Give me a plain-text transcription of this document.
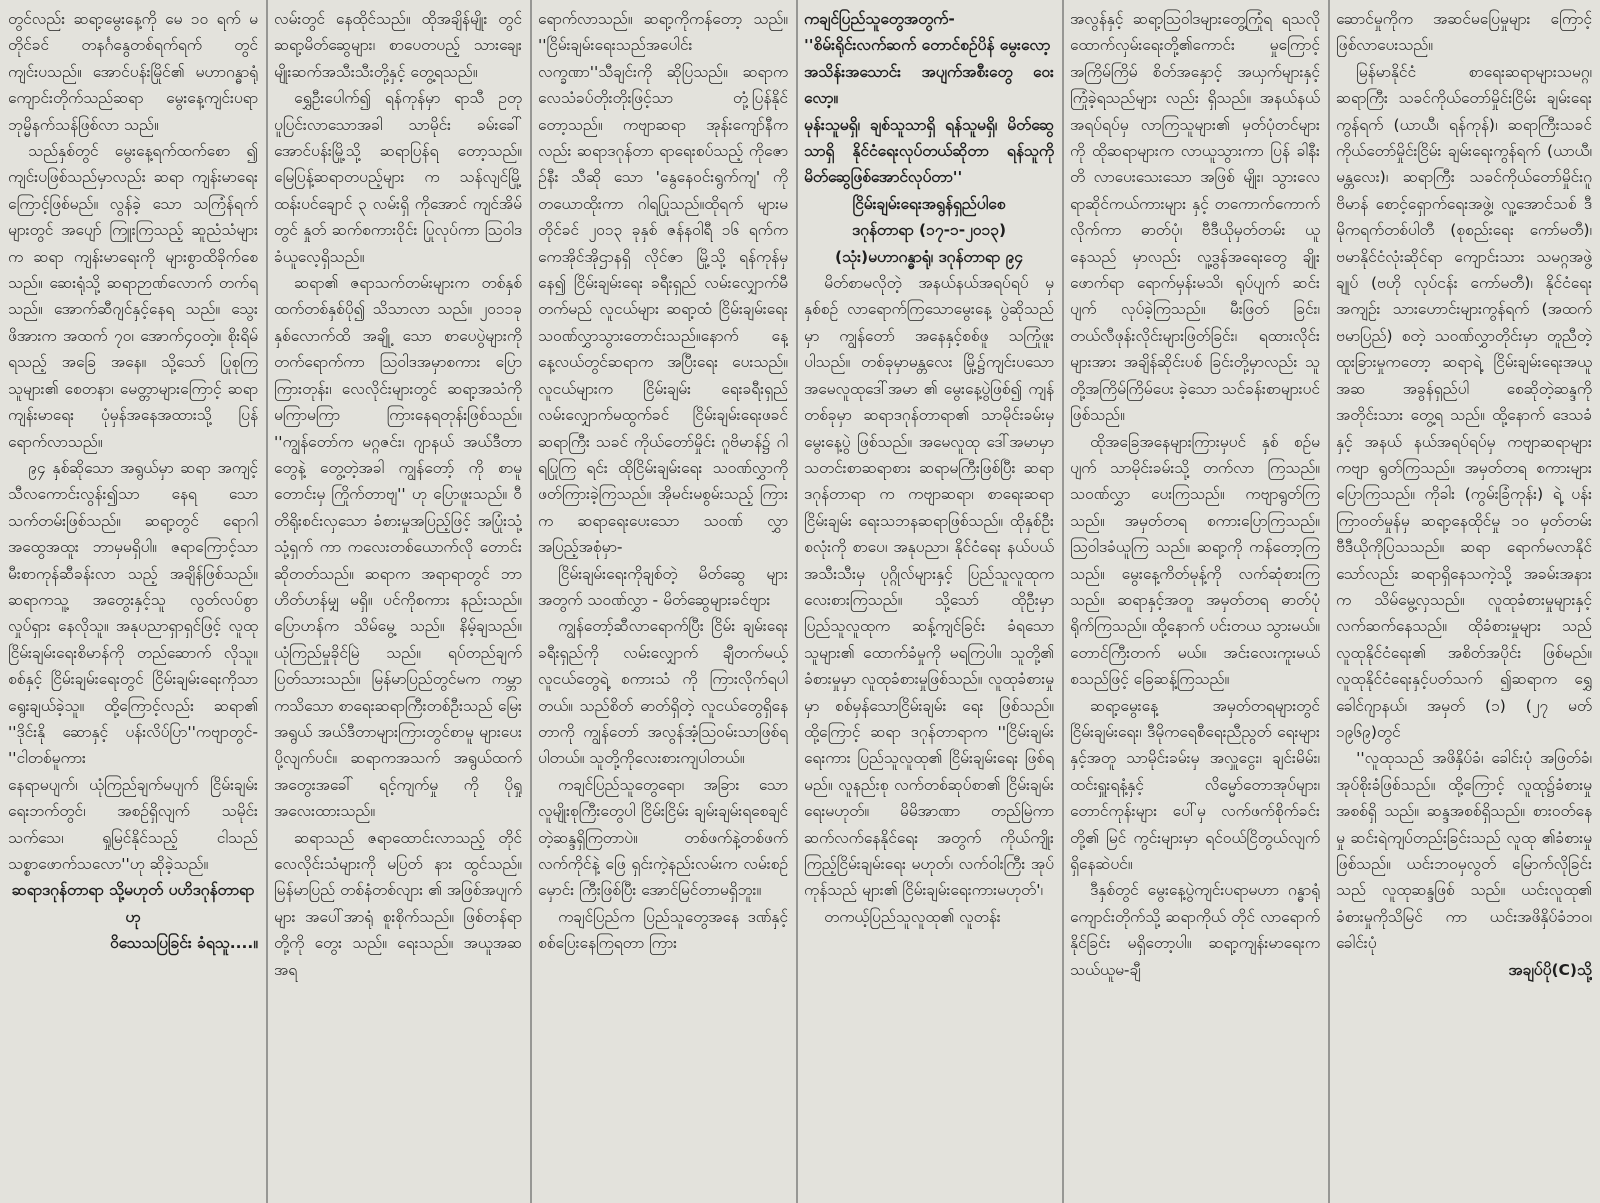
တွင်လည်း ဆရာ့မွေးနေ့ကို မေ ၁၀ ရက် မတိုင်ခင် တနင်္ဂနွေတစ်ရက်ရက် တွင် ကျင်းပသည်။ အောင်ပန်းမြိုင်၏ မဟာဂန္ဓာရုံကျောင်းတိုက်သည်ဆရာ မွေးနေ့ကျင်းပရာ ဘုမ္မိနက်သန်ဖြစ်လာ သည်။

သည်နှစ်တွင် မွေးနေ့ရက်ထက်စော ၍ ကျင်းပဖြစ်သည်မှာလည်း ဆရာ ကျန်းမာရေးကြောင့်ဖြစ်မည်။ လွန်ခဲ့ သော သကြံန်ရက်များတွင် အပျော် ကြူးကြသည့် ဆူညံသံများက ဆရာ ကျန်းမာရေးကို များစွာထိခိုက်စေ သည်။ ဆေးရုံသို့ ဆရာဉာဏ်လောက် တက်ရသည်။ အောက်ဆီဂျင်နှင့်နေရ သည်။ သွေးဖိအားက အထက် ၇၀၊ အောက်၄၀တဲ့။ စိုးရိမ်ရသည့် အခြေ အနေ။ သို့သော် ပြုစုကြသူများ၏ စေတနာ၊ မေတ္တာများကြောင့် ဆရာ ကျန်းမာရေး ပုံမှန်အနေအထားသို့ ပြန်ရောက်လာသည်။

၉၄ နှစ်ဆိုသော အရွယ်မှာ ဆရာ အကျင့်သီလကောင်းလွန်း၍သာ နေရ သောသက်တမ်းဖြစ်သည်။ ဆရာ့တွင် ရောဂါ အထွေအထူး ဘာမှမရှိပါ။ ဇရာကြောင့်သာ မီးစာကုန်ဆီခန်းလာ သည့် အချိန်ဖြစ်သည်။ ဆရာကသူ့ အတွေးနှင့်သူ လွတ်လပ်စွာ လှုပ်ရှား နေလိုသူ။ အနုပညာရှာရှင်ဖြင့် လူထု ငြိမ်းချမ်းရေးစိမာန်ကို တည်ဆောက် လိုသူ။ စစ်နှင့် ငြိမ်းချမ်းရေးတွင် ငြိမ်းချမ်းရေးကိုသာ ရွေးချယ်ခဲ့သူ။ ထို့ကြောင့်လည်း ဆရာ၏ ''ဒိုင်းနို ဆောနှင့် ပန်းလိပ်ပြာ''ကဗျာတွင်- ''ငါတစ်မူကား

နေရာမပျက်၊ ယုံကြည်ချက်မပျက် ငြိမ်းချမ်းရေးဘက်တွင်၊ အစဉ်ရှိလျက် သမိုင်းသက်သေ၊ ရှုမြင်နိုင်သည့် ငါသည် သစ္စာဖောက်သလော''ဟု ဆိုခဲ့သည်။

ဆရာဒဂုန်တာရာ သို့မဟုတ် ပဟိဒဂုန်တာရာဟု

ဝိသေသပြခြင်း ခံရသူ....။

လမ်းတွင် နေထိုင်သည်။ ထိုအချိန်မျိုး တွင် ဆရာ့မိတ်ဆွေများ၊ စာပေတပည့် သားချေး မျိုးဆက်အသီးသီးတို့နှင့် တွေ့ရသည်။

ရွှေဦးပေါက်၍ ရန်ကုန်မှာ ရာသီ ဥတု ပူပြင်းလာသောအခါ သာမိုင်း ခမ်းခေါ် အောင်ပန်းမြို့သို့ ဆရာပြန်ရ တော့သည်။ မြေပြန့်ဆရာတပည့်များ က သန်လျင်မြို့ ထန်းပင်ချောင် ၃ လမ်းရှိ ကိုအောင် ကျင်အိမ်တွင် နှုတ် ဆက်စကားဝိုင်း ပြုလုပ်ကာ ဩဝါဒ ခံယူလေ့ရှိသည်။

ဆရာ၏ ဇရာသက်တမ်းများက တစ်နှစ်ထက်တစ်နှစ်ပို၍ သိသာလာ သည်။ ၂၀၁၁ခုနှစ်လောက်ထိ အချို့ သော စာပေပွဲများကို တက်ရောက်ကာ ဩဝါဒအမှာစကား ပြောကြားတုန်း၊ လေလိုင်းများတွင် ဆရာ့အသံကို မကြာမကြာ ကြားနေရတုန်းဖြစ်သည်။ ''ကျွန်တော်က မဂ္ဂဇင်း၊ ဂျာနယ် အယ်ဒီတာတွေနဲ့ တွေ့တဲ့အခါ ကျွန်တော့် ကို စာမူတောင်းမှ ကြိုက်တာဗျ'' ဟု ပြောဖူးသည်။ ဝီတိရိုးစင်းလှသော ခံစားမှုအပြည့်ဖြင့် အပြုံးသုံ့သုံ့ရှက် ကာ ကလေးတစ်ယောက်လို တောင်း ဆိုတတ်သည်။ ဆရာက အရာရာတွင် ဘာဟိတ်ဟန်မျှ မရှိ။ ပင်ကိုစကား နည်းသည်။ ပြောဟန်က သိမ်မွေ့ သည်။ နိမ့်ချသည်။ ယုံကြည်မှုခိုင်မြဲ သည်။ ရပ်တည်ချက် ပြတ်သားသည်။ မြန်မာပြည်တွင်မက ကမ္ဘာကသိသော စာရေးဆရာကြီးတစ်ဦးသည် မြေး အရွယ် အယ်ဒီတာများကြားတွင်စာမူ များပေးပို့လျက်ပင်။ ဆရာကအသက် အရွယ်ထက် အတွေးအခေါ် ရင့်ကျက်မှု ကို ပိုရှုအလေးထားသည်။

ဆရာသည် ဇရာထောင်းလာသည့် တိုင် လေလိုင်းသံများကို မပြတ် နား ထွင်သည်။ မြန်မာပြည် တစ်နံတစ်လျား ၏ အဖြစ်အပျက်များ အပေါ်အာရုံ စူးစိုက်သည်။ ဖြစ်တန်ရာတို့ကို တွေး သည်။ ရေးသည်။ အယူအဆအရ

ရောက်လာသည်။ ဆရာ့ကိုကန်တော့ သည်။ ''ငြိမ်းချမ်းရေးသည်အပေါင်း လက္ခဏာ''သီချင်းကို ဆိုပြသည်။ ဆရာက လေသံခပ်တိုးတိုးဖြင့်သာ တုံ့ပြန်နိုင်တော့သည်။ ကဗျာဆရာ အုန်းကျော်နီကလည်း ဆရာဒဂုန်တာ ရာရေးစပ်သည့် ကိုဇောဉ်နီး သီဆို သော 'နွေနေဝင်းရွက်ကျ' ကို တယောထိုးကာ ဂါရပြုသည်။ထိုရက် များမတိုင်ခင် ၂၀၁၃ ခုနှစ် ဇန်နဝါရီ ၁၆ ရက်က ကေအိုင်အိုဌာနရှိ လိုင်ဇာ မြို့သို့ ရန်ကုန်မှနေ၍ ငြိမ်းချမ်းရေး ခရီးရှည် လမ်းလျှောက်မီတက်မည် လူငယ်များ ဆရာ့ထံ ငြိမ်းချမ်းရေး သဝဏ်လွှာသွားတောင်းသည်။နောက် နေ့ နေ့လယ်တွင်ဆရာက အပြီးရေး ပေးသည်။ လူငယ်များက ငြိမ်းချမ်း ရေးခရီးရှည် လမ်းလျှောက်မထွက်ခင် ငြိမ်းချမ်းရေးဖခင်ဆရာကြီး သခင် ကိုယ်တော်မှိုင်း ဂူဗိမာန်၌ ဂါရပြုကြ ရင်း ထိုငြိမ်းချမ်းရေး သဝဏ်လွှာကို ဖတ်ကြားခဲ့ကြသည်။ အိုမင်းမစွမ်းသည့် ကြားက ဆရာရေးပေးသော သဝဏ် လွှာအပြည့်အစုံမှာ-

ငြိမ်းချမ်းရေးကိုချစ်တဲ့ မိတ်ဆွေ များအတွက် သဝဏ်လွှာ - မိတ်ဆွေများခင်ဗျား

ကျွန်တော့်ဆီလာရောက်ပြီး ငြိမ်း ချမ်းရေးခရီးရှည်ကို လမ်းလျှောက် ချီတက်မယ့် လူငယ်တွေရဲ့ စကားသံ ကို ကြားလိုက်ရပါတယ်။ သည်စိတ် ဓာတ်ရှိတဲ့ လူငယ်တွေရှိနေတာကို ကျွန်တော် အလွန်အံ့သြဝမ်းသာဖြစ်ရ ပါတယ်။ သူတို့ကိုလေးစားကျပါတယ်။

ကချင်ပြည်သူတွေရော၊ အခြား သော လူမျိုးစုကြီးတွေပါ ငြိမ်းငြိမ်း ချမ်းချမ်းရစေချင်တဲ့ဆန္ဒရှိကြတာပဲ။ တစ်ဖက်နဲ့တစ်ဖက် လက်ကိုင်နဲ့ ဖြေ ရှင်းကဲ့နည်းလမ်းက လမ်းစဉ်မှောင်း ကြီးဖြစ်ပြီး အောင်မြင်တာမရှိဘူး။

ကချင်ပြည်က ပြည်သူတွေအနေ ဒဏ်နှင့် စစ်ပြေးနေကြရတာ ကြား

ကချင်ပြည်သူတွေအတွက်-

''စိမ်းရိုင်းလက်ဆက် တောင်စဉ်ပိန် မွေးလော့

အသိန်းအသောင်း အပျက်အစီးတွေ ဝေးလော့။

မုန်းသူမရှိ၊ ချစ်သူသာရှိ ရန်သူမရှိ၊ မိတ်ဆွေသာရှိ နိုင်ငံရေးလုပ်တယ်ဆိုတာ ရန်သူကိုမိတ်ဆွေဖြစ်အောင်လုပ်တာ''

ငြိမ်းချမ်းရေးအရွန်ရှည်ပါစေ

ဒဂုန်တာရာ (၁၇-၁-၂၀၁၃)

(သုံး)မဟာဂန္ဓာရုံ၊ ဒဂုန်တာရာ ၉၄

မိတ်စာမလိုတဲ့ အနယ်နယ်အရပ်ရပ် မှ နှစ်စဉ် လာရောက်ကြသောမွေးနေ့ ပွဲဆိုသည်မှာ ကျွန်တော် အနေနှင့်စစ်ဖူ သကြုံဖူးပါသည်။ တစ်ခုမှာမန္တလေး မြို့၌ကျင်းပသော အမေလူထုဒေါ်အမာ ၏ မွေးနေ့ပွဲဖြစ်၍ ကျန်တစ်ခုမှာ ဆရာဒဂုန်တာရာ၏ သာမိုင်းခမ်းမှ မွေးနေ့ပွဲ ဖြစ်သည်။ အမေလူထု ဒေါ်အမာမှာ သတင်းစာဆရာစား ဆရာမကြီးဖြစ်ပြီး ဆရာဒဂုန်တာရာ က ကဗျာဆရာ၊ စာရေးဆရာငြိမ်းချမ်း ရေးသဘနဆရာဖြစ်သည်။ ထိုနှစ်ဦး စလုံးကို စာပေ၊ အနုပညာ၊ နိုင်ငံရေး နယ်ပယ်အသီးသီးမှ ပုဂ္ဂိုလ်များနှင့် ပြည်သူလူထုက လေးစားကြသည်။ သို့သော် ထိုဦးမှာ ပြည်သူလူထုက ဆန့်ကျင်ခြင်း ခံရသောသူများ၏ ထောက်ခံမှုကို မရကြပါ။ သူတို့၏ ခံစားမှုမှာ လူထုခံစားမှုဖြစ်သည်။ လူထုခံစားမှုမှာ စစ်မှန်သောငြိမ်းချမ်း ရေး ဖြစ်သည်။ ထို့ကြောင့် ဆရာ ဒဂုန်တာရာက ''ငြိမ်းချမ်းရေးကား ပြည်သူလူထု၏ ငြိမ်းချမ်းရေး ဖြစ်ရ မည်။ လူနည်းစု လက်တစ်ဆုပ်စာ၏ ငြိမ်းချမ်းရေးမဟုတ်။ မိမိအာဏာ တည်မြဲကာ ဆက်လက်နေနိုင်ရေး အတွက် ကိုယ်ကျိုးကြည့်ငြိမ်းချမ်းရေး မဟုတ်၊ လက်ဝါးကြီး အုပ်ကုန်သည် များ၏ ငြိမ်းချမ်းရေးကားမဟုတ်'၊

တကယ့်ပြည်သူလူထု၏ လူတန်း

အလွန်နှင့် ဆရာ့ဩဝါဒများတွေ့ကြုံရ ရသလို ထောက်လှမ်းရေးတို့၏ကောင်း မှုကြောင့်အကြိမ်ကြိမ် စိတ်အနှောင့် အယှက်များနှင့် ကြုံခဲ့ရသည်များ လည်း ရှိသည်။ အနယ်နယ်အရပ်ရပ်မှ လာကြသူများ၏ မှတ်ပုံတင်များကို ထိုဆရာများက လာယူသွားကာ ပြန် ခါနီးတိ လာပေးသေးသော အဖြစ် မျိုး၊ သွားလေရာဆိုင်ကယ်ကားများ နှင့် တကောက်ကောက်လိုက်ကာ ဓာတ်ပုံ၊ ဗီဒီယိုမှတ်တမ်း ယူနေသည် မှာလည်း လူ့ဒွန်အရေးတွေ ချိုး ဖောက်ရာ ရောက်မှန်းမသိ၊ ရုပ်ပျက် ဆင်းပျက် လုပ်ခဲ့ကြသည်။ မီးဖြတ် ခြင်း၊ တယ်လီဖုန်းလိုင်းများဖြတ်ခြင်း၊ ရထားလိုင်းများအား အချိန်ဆိုင်းပစ် ခြင်းတို့မှာလည်း သူတို့အကြိမ်ကြိမ်ပေး ခဲ့သော သင်ခန်းစာများပင်ဖြစ်သည်။

ထိုအခြေအနေများကြားမှပင် နှစ် စဉ်မပျက် သာမိုင်းခမ်းသို့ တက်လာ ကြသည်။ သဝဏ်လွှာ ပေးကြသည်။ ကဗျာရွတ်ကြသည်။ အမှတ်တရ စကားပြောကြသည်။ ဩဝါဒခံယူကြ သည်။ ဆရာ့ကို ကန်တော့ကြသည်။ မွေးနေ့ကိတ်မုန့်ကို လက်ဆုံစားကြ သည်။ ဆရာနှင့်အတူ အမှတ်တရ ဓာတ်ပုံ ရိုက်ကြသည်။ ထို့နောက် ပင်းတယ သွားမယ်။ တောင်ကြီးတက် မယ်။ အင်းလေးကူးမယ် စသည်ဖြင့် ခြေဆန့်ကြသည်။

ဆရာ့မွေးနေ့ အမှတ်တရများတွင် ငြိမ်းချမ်းရေး၊ ဒီမိုကရေစီရေးညီညွတ် ရေးများနှင့်အတူ သာမိုင်းခမ်းမှ အလှူငွေး၊ ချင်းမိမ်း၊ ထင်းရှူးရနံ့နှင့် လိမ္မော်တောအုပ်များ၊ တောင်ကုန်းများ ပေါ်မှ လက်ဖက်စိုက်ခင်းတို့၏ မြင် ကွင်းများမှာ ရင်ဝယ်ငြိတွယ်လျက် ရှိနေဆဲပင်။

ဒီနှစ်တွင် မွေးနေ့ပွဲကျင်းပရာမဟာ ဂန္ဓာရုံကျောင်းတိုက်သို့ ဆရာကိုယ် တိုင် လာရောက်နိုင်ခြင်း မရှိတော့ပါ။ ဆရာ့ကျန်းမာရေးက သယ်ယူမ-ချီ

ဆောင်မှုကိုက အဆင်မပြေမှုများ ကြောင့်ဖြစ်လာပေးသည်။

မြန်မာနိုင်ငံ စာရေးဆရာများသမဂ္ဂ၊ ဆရာကြီး သခင်ကိုယ်တော်မှိုင်းငြိမ်း ချမ်းရေးကွန်ရက် (ယာယီ၊ ရန်ကုန်)၊ ဆရာကြီးသခင် ကိုယ်တော်မှိုင်းငြိမ်း ချမ်းရေးကွန်ရက် (ယာယီ၊ မန္တလေး)၊ ဆရာကြီး သခင်ကိုယ်တော်မှိုင်းဂူဗိမာန် စောင့်ရှောက်ရေးအဖွဲ့၊ လူ့အောင်သစ် ဒီမိုကရက်တစ်ပါတီ (စုစည်းရေး ကော်မတီ)၊ ဗမာနိုင်ငံလုံးဆိုင်ရာ ကျောင်းသား သမဂ္ဂအဖွဲ့ချုပ် (ဗဟို လုပ်ငန်း ကော်မတီ)၊ နိုင်ငံရေးအကျဉ်း သားဟောင်းများကွန်ရက် (အထက် ဗမာပြည်) စတဲ့ သဝဏ်လွှာတိုင်းမှာ တူညီတဲ့ထူးခြားမှုကတော့ ဆရာရဲ့ ငြိမ်းချမ်းရေးအယူအဆ အခွန်ရှည်ပါ စေဆိုတဲ့ဆန္ဒကို အတိုင်းသား တွေ့ရ သည်။ ထို့နောက် ဒေသခံနှင့် အနယ် နယ်အရပ်ရပ်မှ ကဗျာဆရာများကဗျာ ရွတ်ကြသည်။ အမှတ်တရ စကားများ ပြောကြသည်။ ကိုခါး (ကွမ်းခြံကုန်း) ရဲ့ ပန်းကြာဝတ်မှုန်မှ ဆရာ့နေထိုင်မှု ၁၀ မှတ်တမ်း ဗီဒီယိုကိုပြသသည်။ ဆရာ ရောက်မလာနိုင်သော်လည်း ဆရာရှိနေသကဲ့သို့ အခမ်းအနားက သိမ်မွေ့လှသည်။ လူထုခံစားမှုများနှင့် လက်ဆက်နေသည်။ ထိုခံစားမှုများ သည် လူထုနိုင်ငံရေး၏ အစိတ်အပိုင်း ဖြစ်မည်။ လူထုနိုင်ငံရေးနှင့်ပတ်သက် ၍ဆရာက ရွှေခေါင်ဂျာနယ်၊ အမှတ် (၁) (၂၇ မတ် ၁၉၆၉)တွင်

''လူထုသည် အဖိနှိပ်ခံ၊ ခေါင်းပုံ အဖြတ်ခံ၊ အုပ်စိုးခံဖြစ်သည်။ ထို့ကြောင့် လူထု၌ခံစားမှု အစစ်ရှိ သည်။ ဆန္ဒအစစ်ရှိသည်။ စားဝတ်နေ မှု ဆင်းရဲကျပ်တည်းခြင်းသည် လူထု ၏ခံစားမှုဖြစ်သည်။ ယင်းဘဝမှလွတ် မြောက်လိုခြင်းသည် လူထုဆန္ဒဖြစ် သည်။ ယင်းလူထု၏ ခံစားမှုကိုသိမြင် ကာ ယင်းအဖိနှိပ်ခံဘဝ၊ ခေါင်းပုံ

အချပ်ပို(C)သို့
